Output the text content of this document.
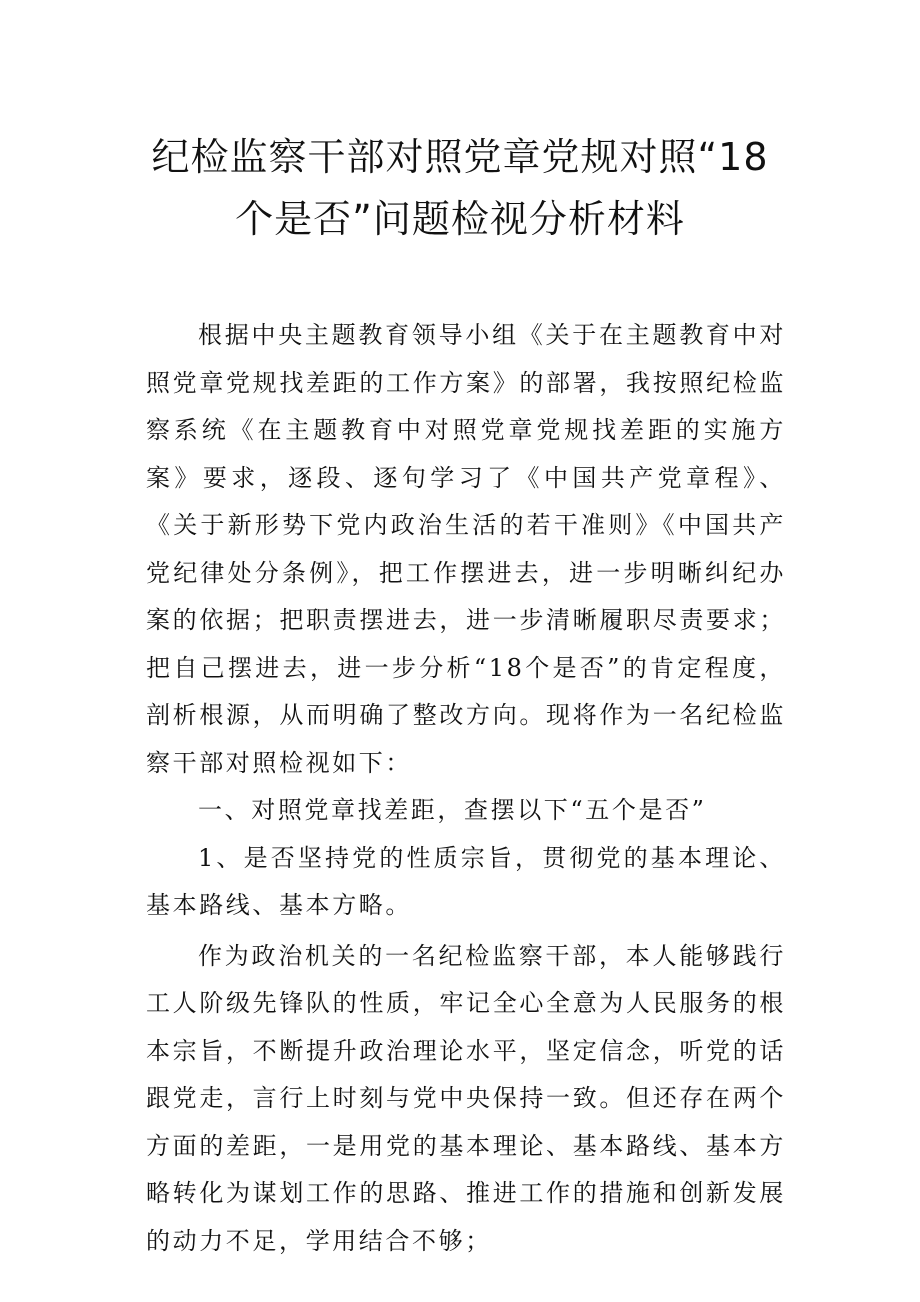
纪检监察干部对照党章党规对照“18
个是否”问题检视分析材料

根据中央主题教育领导小组《关于在主题教育中对照党章党规找差距的工作方案》的部署，我按照纪检监察系统《在主题教育中对照党章党规找差距的实施方案》要求，逐段、逐句学习了《中国共产党章程》、《关于新形势下党内政治生活的若干准则》《中国共产党纪律处分条例》，把工作摆进去，进一步明晰纠纪办案的依据；把职责摆进去，进一步清晰履职尽责要求；把自己摆进去，进一步分析“18个是否”的肯定程度，剖析根源，从而明确了整改方向。现将作为一名纪检监察干部对照检视如下：

一、对照党章找差距，查摆以下“五个是否”

1、是否坚持党的性质宗旨，贯彻党的基本理论、基本路线、基本方略。

作为政治机关的一名纪检监察干部，本人能够践行工人阶级先锋队的性质，牢记全心全意为人民服务的根本宗旨，不断提升政治理论水平，坚定信念，听党的话跟党走，言行上时刻与党中央保持一致。但还存在两个方面的差距，一是用党的基本理论、基本路线、基本方略转化为谋划工作的思路、推进工作的措施和创新发展的动力不足，学用结合不够；
